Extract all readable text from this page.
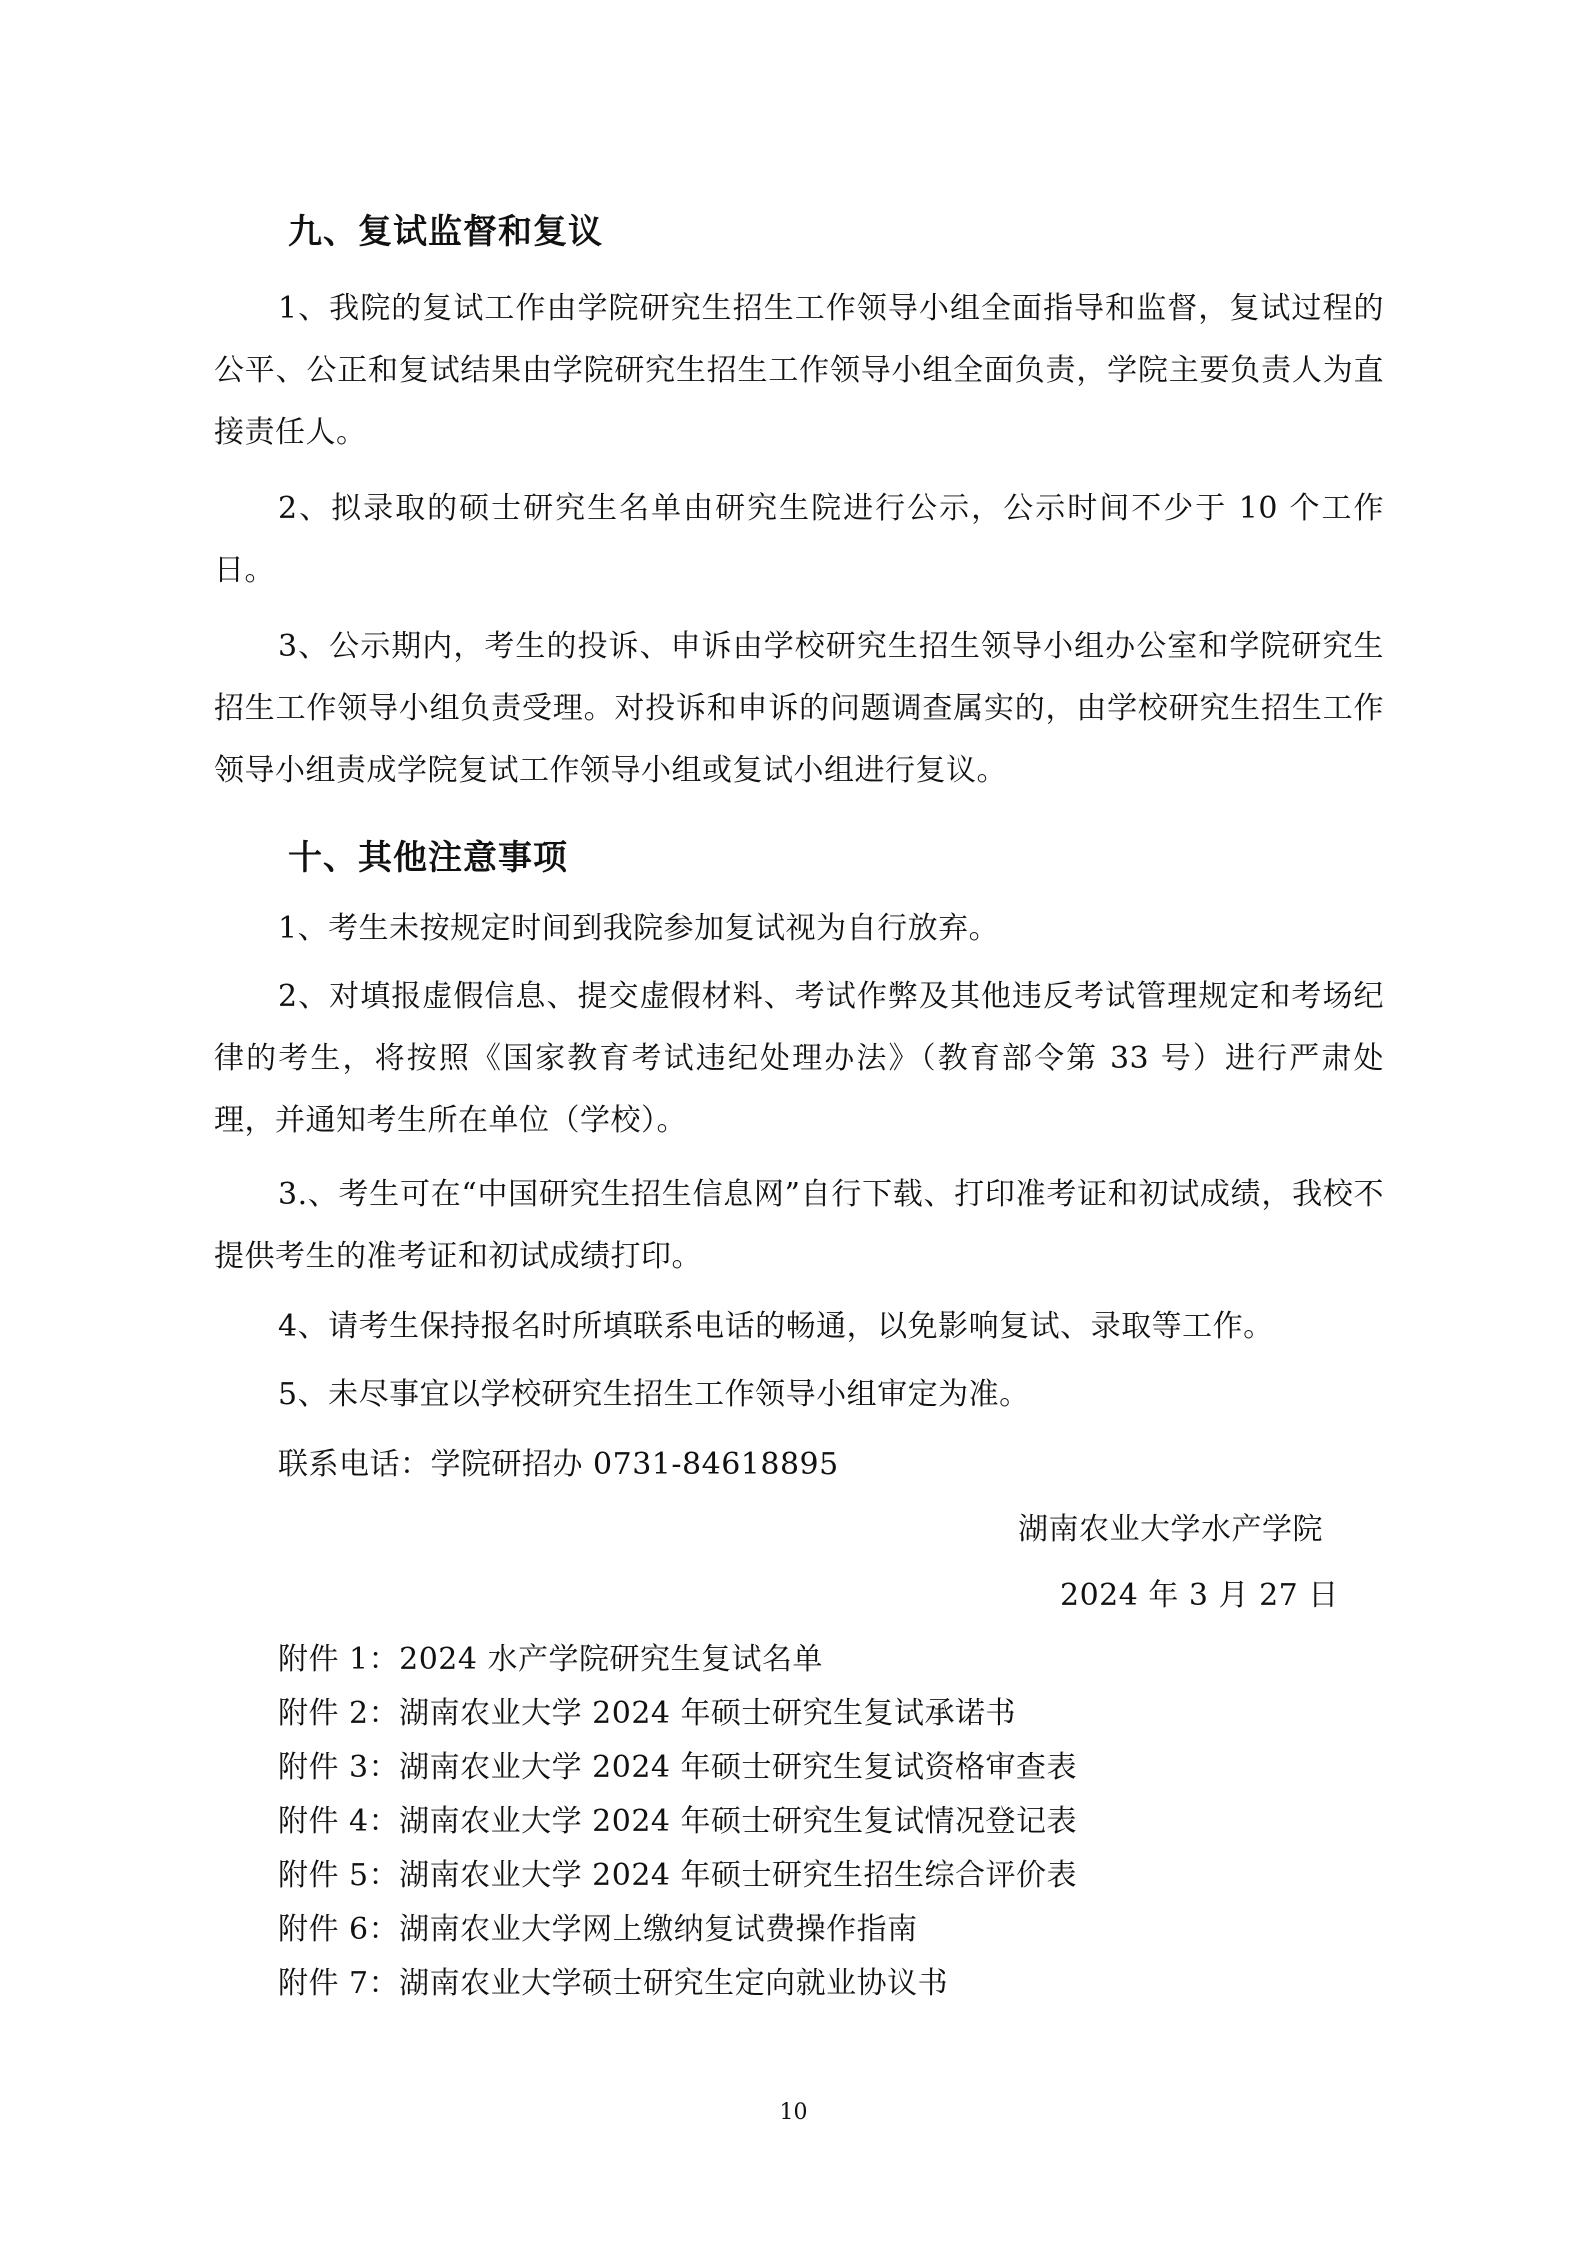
九、复试监督和复议
1、我院的复试工作由学院研究生招生工作领导小组全面指导和监督，复试过程的公平、公正和复试结果由学院研究生招生工作领导小组全面负责，学院主要负责人为直接责任人。
2、拟录取的硕士研究生名单由研究生院进行公示，公示时间不少于 10 个工作日。
3、公示期内，考生的投诉、申诉由学校研究生招生领导小组办公室和学院研究生招生工作领导小组负责受理。对投诉和申诉的问题调查属实的，由学校研究生招生工作领导小组责成学院复试工作领导小组或复试小组进行复议。
十、其他注意事项
1、考生未按规定时间到我院参加复试视为自行放弃。
2、对填报虚假信息、提交虚假材料、考试作弊及其他违反考试管理规定和考场纪律的考生，将按照《国家教育考试违纪处理办法》（教育部令第 33 号）进行严肃处理，并通知考生所在单位（学校）。
3.、考生可在“中国研究生招生信息网”自行下载、打印准考证和初试成绩，我校不提供考生的准考证和初试成绩打印。
4、请考生保持报名时所填联系电话的畅通，以免影响复试、录取等工作。
5、未尽事宜以学校研究生招生工作领导小组审定为准。
联系电话：学院研招办 0731-84618895
湖南农业大学水产学院
2024 年 3 月 27 日
附件 1：2024 水产学院研究生复试名单
附件 2：湖南农业大学 2024 年硕士研究生复试承诺书
附件 3：湖南农业大学 2024 年硕士研究生复试资格审查表
附件 4：湖南农业大学 2024 年硕士研究生复试情况登记表
附件 5：湖南农业大学 2024 年硕士研究生招生综合评价表
附件 6：湖南农业大学网上缴纳复试费操作指南
附件 7：湖南农业大学硕士研究生定向就业协议书
10
